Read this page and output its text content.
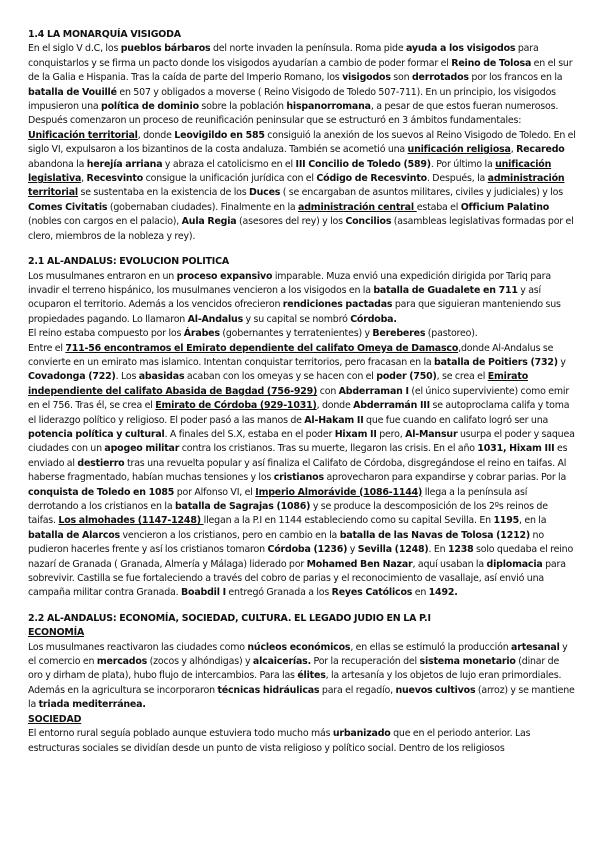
1.4 LA MONARQUÍA VISIGODA

En el siglo V d.C, los pueblos bárbaros del norte invaden la península. Roma pide ayuda a los visigodos para conquistarlos y se firma un pacto donde los visigodos ayudarían a cambio de poder formar el Reino de Tolosa en el sur de la Galia e Hispania. Tras la caída de parte del Imperio Romano, los visigodos son derrotados por los francos en la batalla de Vouillé en 507 y obligados a moverse ( Reino Visigodo de Toledo 507-711). En un principio, los visigodos impusieron una política de dominio sobre la población hispanorromana, a pesar de que estos fueran numerosos. Después comenzaron un proceso de reunificación peninsular que se estructuró en 3 ámbitos fundamentales: Unificación territorial, donde Leovigildo en 585 consiguió la anexión de los suevos al Reino Visigodo de Toledo. En el siglo VI, expulsaron a los bizantinos de la costa andaluza. También se acometió una unificación religiosa, Recaredo abandona la herejía arriana y abraza el catolicismo en el III Concilio de Toledo (589). Por último la unificación legislativa, Recesvinto consigue la unificación jurídica con el Código de Recesvinto. Después, la administración territorial se sustentaba en la existencia de los Duces ( se encargaban de asuntos militares, civiles y judiciales) y los Comes Civitatis (gobernaban ciudades). Finalmente en la administración central estaba el Officium Palatino (nobles con cargos en el palacio), Aula Regia (asesores del rey) y los Concilios (asambleas legislativas formadas por el clero, miembros de la nobleza y rey).

2.1 AL-ANDALUS: EVOLUCION POLITICA

Los musulmanes entraron en un proceso expansivo imparable. Muza envió una expedición dirigida por Tariq para invadir el terreno hispánico, los musulmanes vencieron a los visigodos en la batalla de Guadalete en 711 y así ocuparon el territorio. Además a los vencidos ofrecieron rendiciones pactadas para que siguieran manteniendo sus propiedades pagando. Lo llamaron Al-Andalus y su capital se nombró Córdoba.
El reino estaba compuesto por los Árabes (gobernantes y terratenientes) y Bereberes (pastoreo).
Entre el 711-56 encontramos el Emirato dependiente del califato Omeya de Damasco,donde Al-Andalus se convierte en un emirato mas islamico. Intentan conquistar territorios, pero fracasan en la batalla de Poitiers (732) y Covadonga (722). Los abasidas acaban con los omeyas y se hacen con el poder (750), se crea el Emirato independiente del califato Abasida de Bagdad (756-929) con Abderraman I (el único superviviente) como emir en el 756. Tras él, se crea el Emirato de Córdoba (929-1031), donde Abderramán III se autoproclama califa y toma el liderazgo político y religioso. El poder pasó a las manos de Al-Hakam II que fue cuando en califato logró ser una potencia política y cultural. A finales del S.X, estaba en el poder Hixam II pero, Al-Mansur usurpa el poder y saquea ciudades con un apogeo militar contra los cristianos. Tras su muerte, llegaron las crisis. En el año 1031, Hixam III es enviado al destierro tras una revuelta popular y así finaliza el Califato de Córdoba, disgregándose el reino en taifas. Al haberse fragmentado, habían muchas tensiones y los cristianos aprovecharon para expandirse y cobrar parias. Por la conquista de Toledo en 1085 por Alfonso VI, el Imperio Almorávide (1086-1144) llega a la península así derrotando a los cristianos en la batalla de Sagrajas (1086) y se produce la descomposición de los 2ºs reinos de taifas. Los almohades (1147-1248) llegan a la P.I en 1144 estableciendo como su capital Sevilla. En 1195, en la batalla de Alarcos vencieron a los cristianos, pero en cambio en la batalla de las Navas de Tolosa (1212) no pudieron hacerles frente y así los cristianos tomaron Córdoba (1236) y Sevilla (1248). En 1238 solo quedaba el reino nazarí de Granada ( Granada, Almería y Málaga) liderado por Mohamed Ben Nazar, aquí usaban la diplomacia para sobrevivir. Castilla se fue fortaleciendo a través del cobro de parias y el reconocimiento de vasallaje, así envió una campaña militar contra Granada. Boabdil I entregó Granada a los Reyes Católicos en 1492.

2.2 AL-ANDALUS: ECONOMÍA, SOCIEDAD, CULTURA. EL LEGADO JUDIO EN LA P.I

ECONOMÍA

Los musulmanes reactivaron las ciudades como núcleos económicos, en ellas se estimuló la producción artesanal y el comercio en mercados (zocos y alhóndigas) y alcaicerías. Por la recuperación del sistema monetario (dinar de oro y dirham de plata), hubo flujo de intercambios. Para las élites, la artesanía y los objetos de lujo eran primordiales. Además en la agricultura se incorporaron técnicas hidráulicas para el regadío, nuevos cultivos (arroz) y se mantiene la triada mediterránea.

SOCIEDAD

El entorno rural seguía poblado aunque estuviera todo mucho más urbanizado que en el periodo anterior. Las estructuras sociales se dividían desde un punto de vista religioso y político social. Dentro de los religiosos
